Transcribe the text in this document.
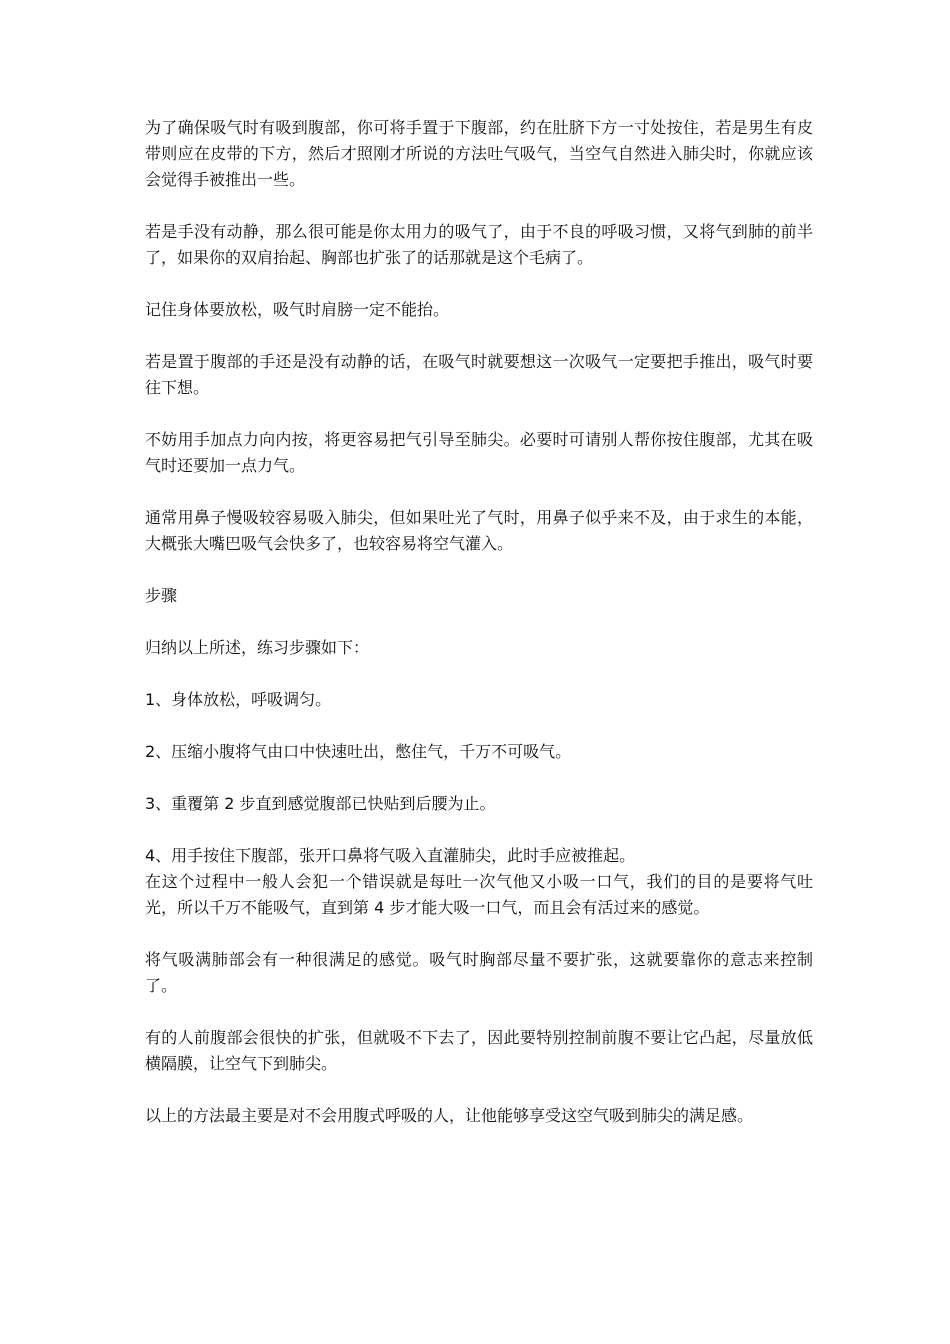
为了确保吸气时有吸到腹部，你可将手置于下腹部，约在肚脐下方一寸处按住，若是男生有皮带则应在皮带的下方，然后才照刚才所说的方法吐气吸气，当空气自然进入肺尖时，你就应该会觉得手被推出一些。

若是手没有动静，那么很可能是你太用力的吸气了，由于不良的呼吸习惯，又将气到肺的前半了，如果你的双肩抬起、胸部也扩张了的话那就是这个毛病了。

记住身体要放松，吸气时肩膀一定不能抬。

若是置于腹部的手还是没有动静的话，在吸气时就要想这一次吸气一定要把手推出，吸气时要往下想。

不妨用手加点力向内按，将更容易把气引导至肺尖。必要时可请别人帮你按住腹部，尤其在吸气时还要加一点力气。

通常用鼻子慢吸较容易吸入肺尖，但如果吐光了气时，用鼻子似乎来不及，由于求生的本能，大概张大嘴巴吸气会快多了，也较容易将空气灌入。

步骤

归纳以上所述，练习步骤如下：

1、身体放松，呼吸调匀。

2、压缩小腹将气由口中快速吐出，憋住气，千万不可吸气。

3、重覆第 2 步直到感觉腹部已快贴到后腰为止。

4、用手按住下腹部，张开口鼻将气吸入直灌肺尖，此时手应被推起。

在这个过程中一般人会犯一个错误就是每吐一次气他又小吸一口气，我们的目的是要将气吐光，所以千万不能吸气，直到第 4 步才能大吸一口气，而且会有活过来的感觉。

将气吸满肺部会有一种很满足的感觉。吸气时胸部尽量不要扩张，这就要靠你的意志来控制了。

有的人前腹部会很快的扩张，但就吸不下去了，因此要特别控制前腹不要让它凸起，尽量放低横隔膜，让空气下到肺尖。

以上的方法最主要是对不会用腹式呼吸的人，让他能够享受这空气吸到肺尖的满足感。
